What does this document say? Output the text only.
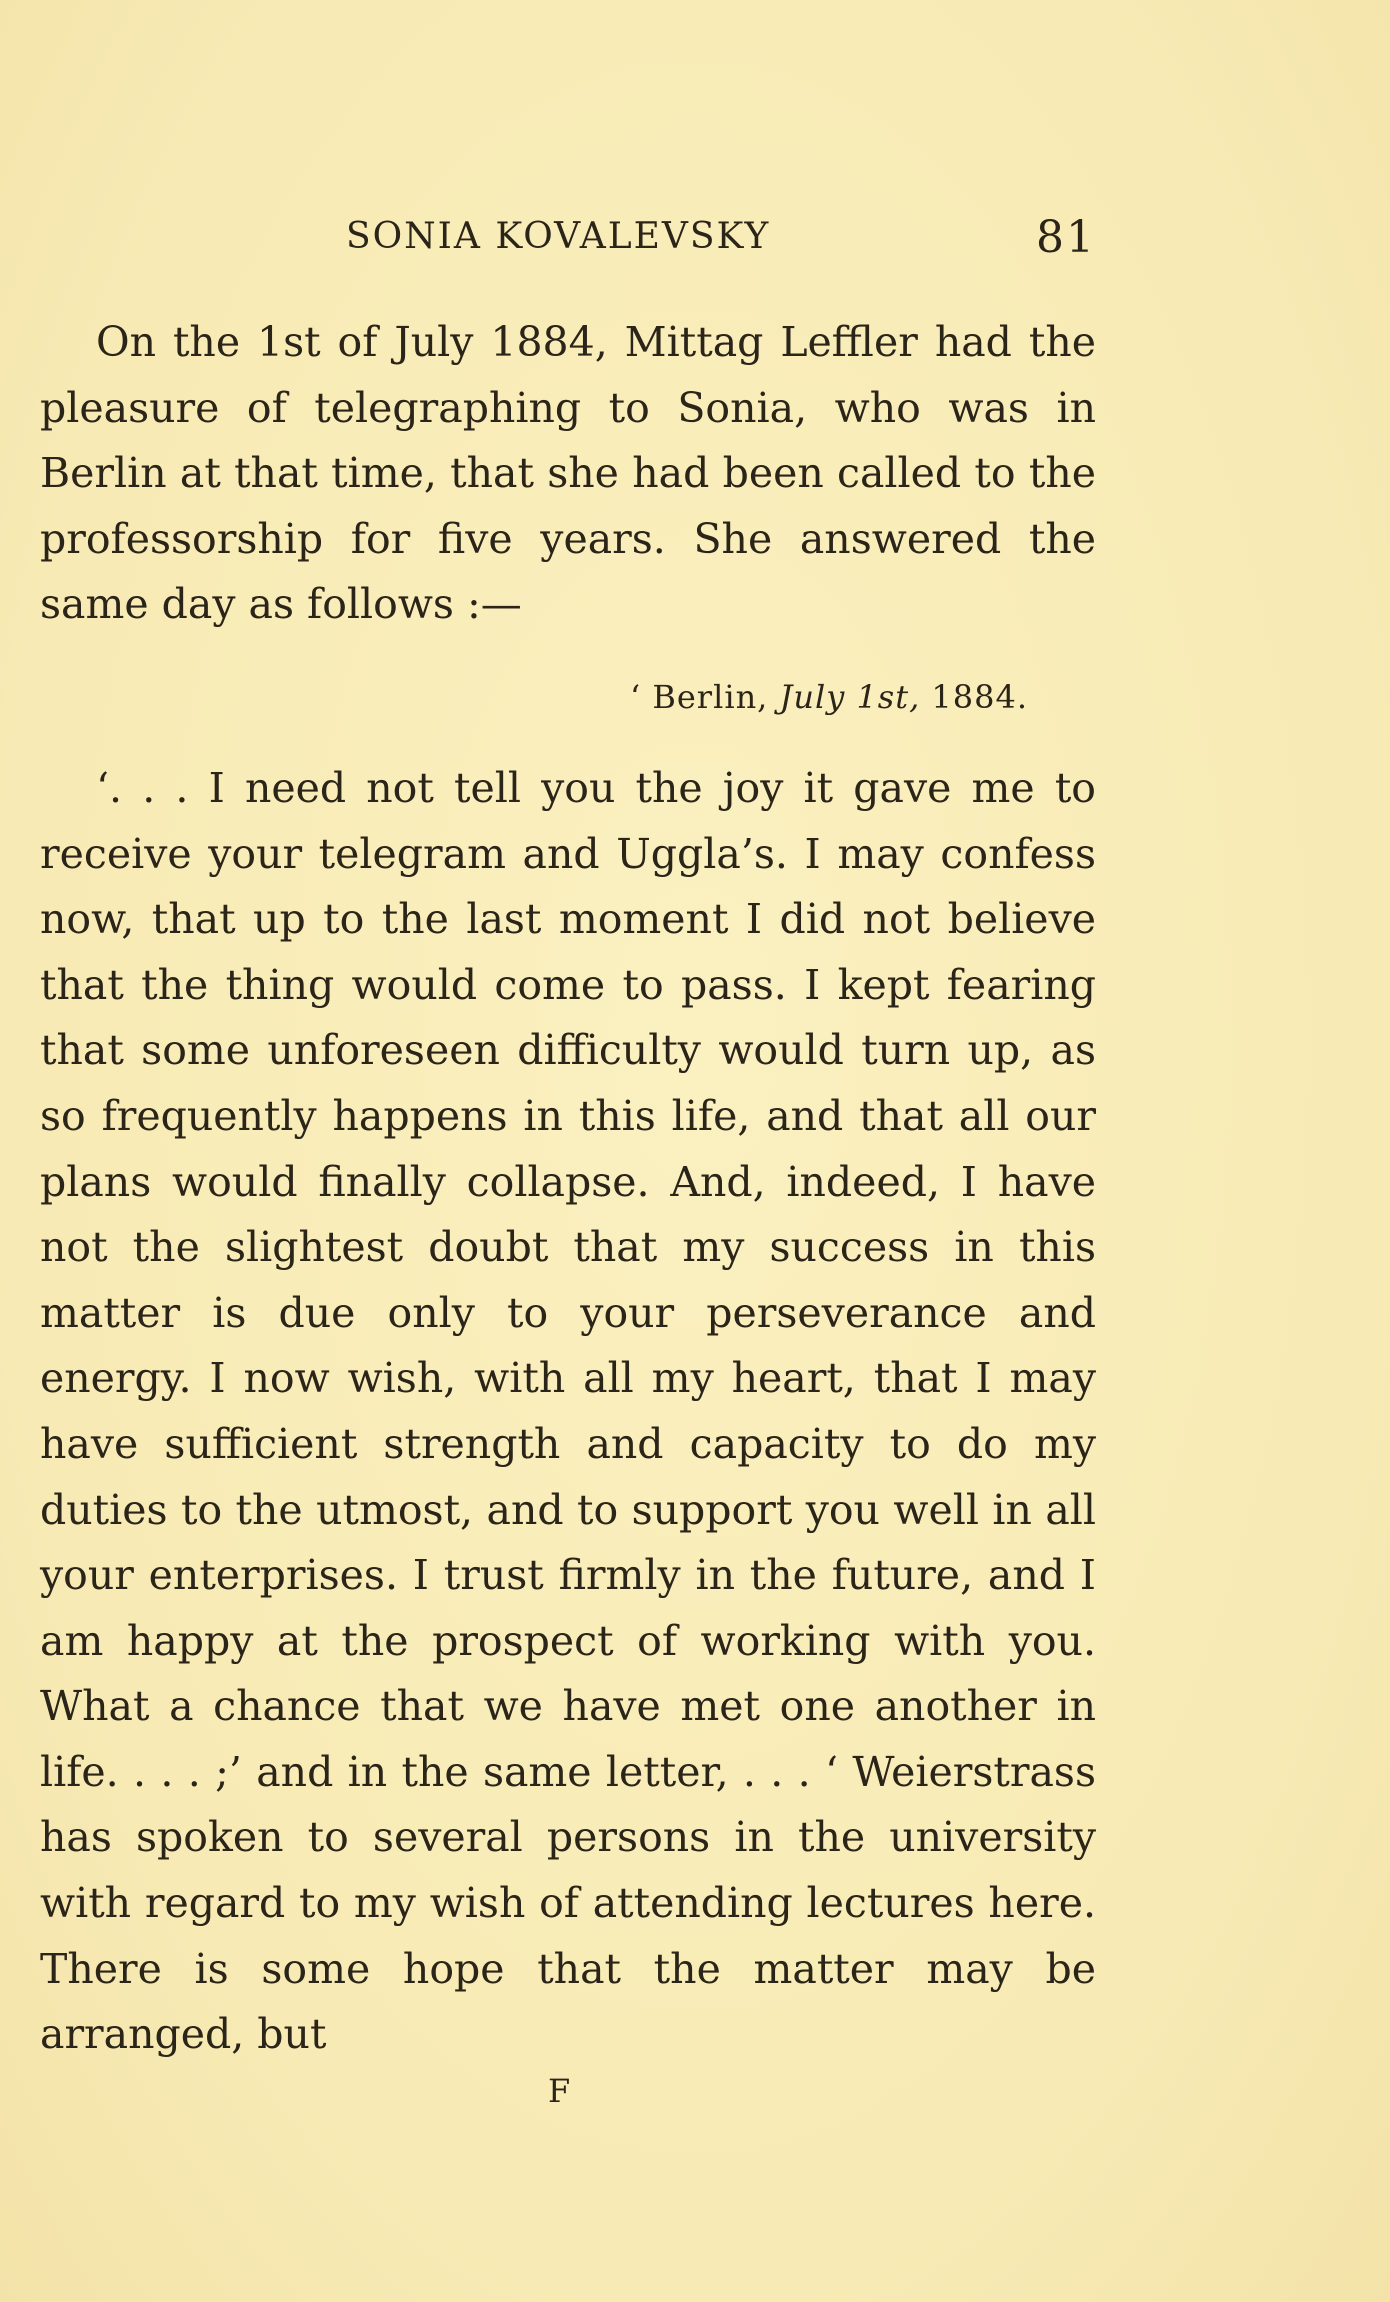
SONIA KOVALEVSKY	81

On the 1st of July 1884, Mittag Leffler had the pleasure of telegraphing to Sonia, who was in Berlin at that time, that she had been called to the professorship for five years. She answered the same day as follows :—

‘ Berlin, July 1st, 1884.

‘. . . I need not tell you the joy it gave me to receive your telegram and Uggla’s. I may confess now, that up to the last moment I did not believe that the thing would come to pass. I kept fearing that some unforeseen difficulty would turn up, as so frequently happens in this life, and that all our plans would finally collapse. And, indeed, I have not the slightest doubt that my success in this matter is due only to your perseverance and energy. I now wish, with all my heart, that I may have sufficient strength and capacity to do my duties to the utmost, and to support you well in all your enterprises. I trust firmly in the future, and I am happy at the prospect of working with you. What a chance that we have met one another in life. . . . ;’ and in the same letter, . . . ‘ Weierstrass has spoken to several persons in the university with regard to my wish of attending lectures here. There is some hope that the matter may be arranged, but

F
